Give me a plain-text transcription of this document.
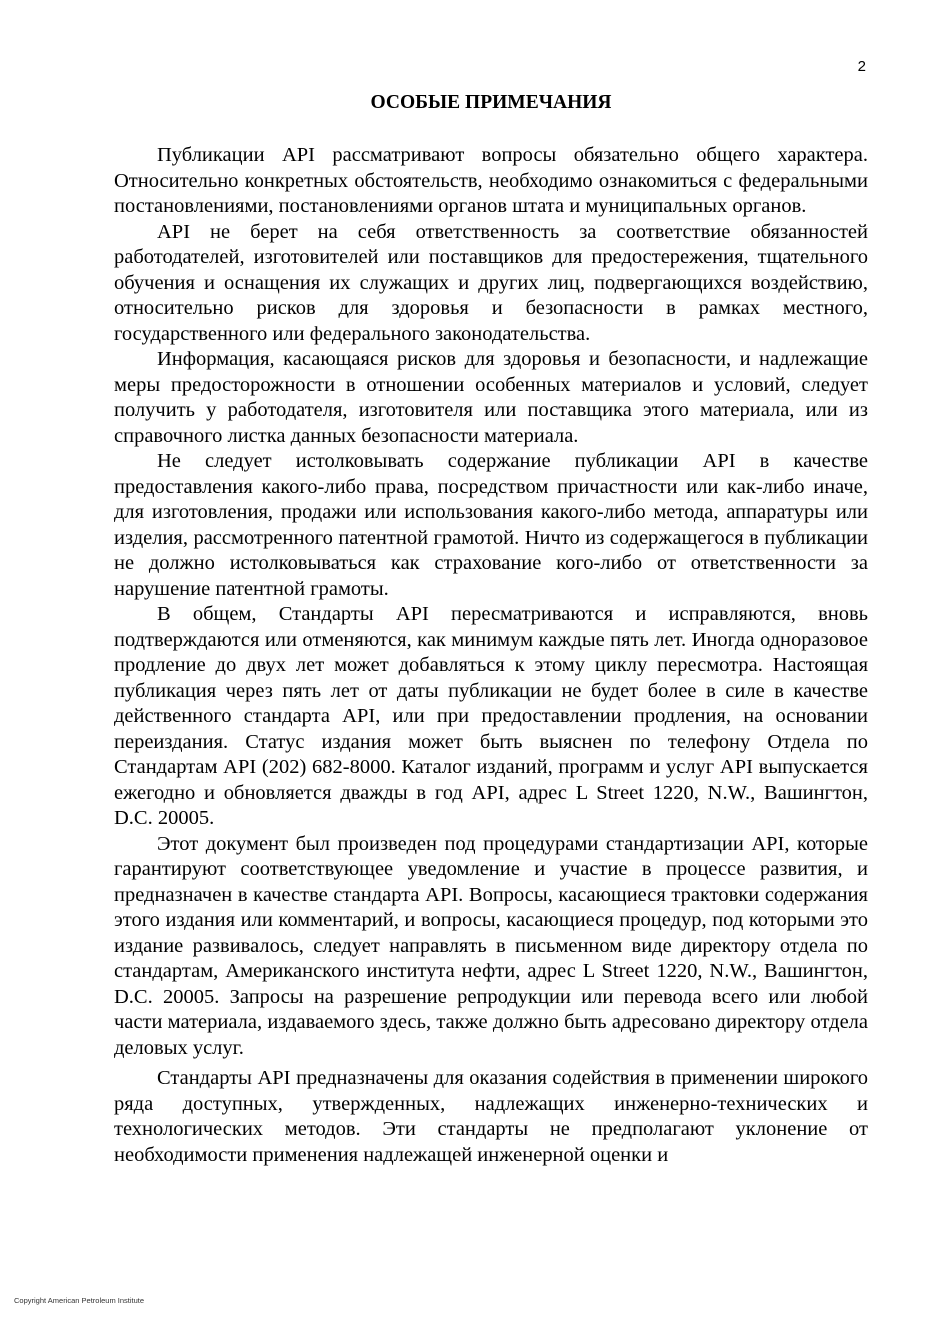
2
ОСОБЫЕ ПРИМЕЧАНИЯ

Публикации API рассматривают вопросы обязательно общего характера. Относительно конкретных обстоятельств, необходимо ознакомиться с федеральными постановлениями, постановлениями органов штата и муниципальных органов.

API не берет на себя ответственность за соответствие обязанностей работодателей, изготовителей или поставщиков для предостережения, тщательного обучения и оснащения их служащих и других лиц, подвергающихся воздействию, относительно рисков для здоровья и безопасности в рамках местного, государственного или федерального законодательства.

Информация, касающаяся рисков для здоровья и безопасности, и надлежащие меры предосторожности в отношении особенных материалов и условий, следует получить у работодателя, изготовителя или поставщика этого материала, или из справочного листка данных безопасности материала.

Не следует истолковывать содержание публикации API в качестве предоставления какого-либо права, посредством причастности или как-либо иначе, для изготовления, продажи или использования какого-либо метода, аппаратуры или изделия, рассмотренного патентной грамотой. Ничто из содержащегося в публикации не должно истолковываться как страхование кого-либо от ответственности за нарушение патентной грамоты.

В общем, Стандарты API пересматриваются и исправляются, вновь подтверждаются или отменяются, как минимум каждые пять лет. Иногда одноразовое продление до двух лет может добавляться к этому циклу пересмотра. Настоящая публикация через пять лет от даты публикации не будет более в силе в качестве действенного стандарта API, или при предоставлении продления, на основании переиздания. Статус издания может быть выяснен по телефону Отдела по Стандартам API (202) 682-8000. Каталог изданий, программ и услуг API выпускается ежегодно и обновляется дважды в год API, адрес L Street 1220, N.W., Вашингтон, D.C. 20005.

Этот документ был произведен под процедурами стандартизации API, которые гарантируют соответствующее уведомление и участие в процессе развития, и предназначен в качестве стандарта API. Вопросы, касающиеся трактовки содержания этого издания или комментарий, и вопросы, касающиеся процедур, под которыми это издание развивалось, следует направлять в письменном виде директору отдела по стандартам, Американского института нефти, адрес L Street 1220, N.W., Вашингтон, D.C. 20005. Запросы на разрешение репродукции или перевода всего или любой части материала, издаваемого здесь, также должно быть адресовано директору отдела деловых услуг.

Стандарты API предназначены для оказания содействия в применении широкого ряда доступных, утвержденных, надлежащих инженерно-технических и технологических методов. Эти стандарты не предполагают уклонение от необходимости применения надлежащей инженерной оценки и

Copyright American Petroleum Institute
